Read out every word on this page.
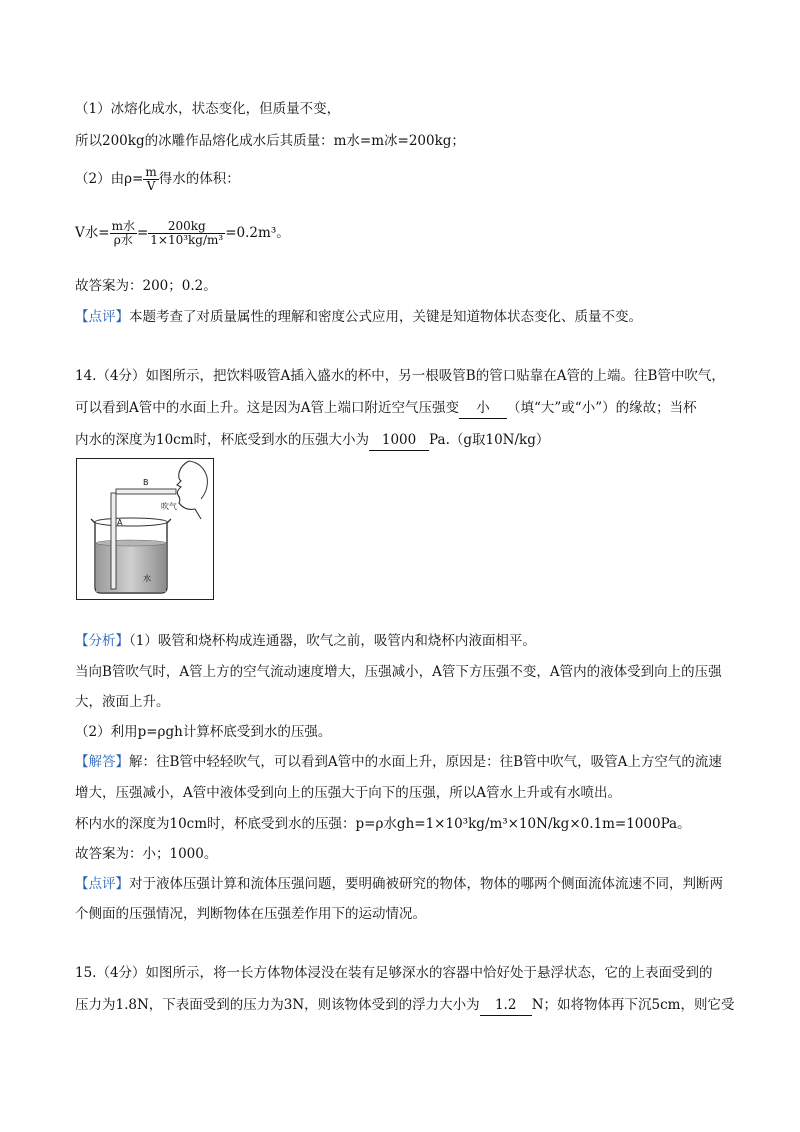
（1）冰熔化成水，状态变化，但质量不变，
所以200kg的冰雕作品熔化成水后其质量：m水=m冰=200kg；
（2）由$\rho= \frac{m}{V}$ 得水的体积：
V水= $\frac{\text{m水}}{\text{ρ水}} = \frac{200kg}{\text{1×10³kg/m³}} =0.2m^3$。
故答案为：200；0.2。
【点评】本题考查了对质量属性的理解和密度公式应用，关键是知道物体状态变化、质量不变。
14.（4分）如图所示，把饮料吸管A插入盛水的杯中，另一根吸管B的管口贴靠在A管的上端。往B管中吹气，
可以看到A管中的水面上升。这是因为A管上端口附近空气压强变 小 （填“大”或“小”）的缘故；当杯
内水的深度为10cm时，杯底受到水的压强大小为 1000 Pa.（g取10N/kg）
B
A
吹气
水
【分析】（1）吸管和烧杯构成连通器，吹气之前，吸管内和烧杯内液面相平。
当向B管吹气时，A管上方的空气流动速度增大，压强减小，A管下方压强不变，A管内的液体受到向上的压强
大，液面上升。
（2）利用p=ρgh计算杯底受到水的压强。
【解答】解：往B管中轻轻吹气，可以看到A管中的水面上升，原因是：往B管中吹气，吸管A上方空气的流速
增大，压强减小，A管中液体受到向上的压强大于向下的压强，所以A管水上升或有水喷出。
杯内水的深度为10cm时，杯底受到水的压强：p=ρ水gh=1×10³kg/m³×10N/kg×0.1m=1000Pa。
故答案为：小；1000。
【点评】对于液体压强计算和流体压强问题，要明确被研究的物体，物体的哪两个侧面流体流速不同，判断两
个侧面的压强情况，判断物体在压强差作用下的运动情况。
15.（4分）如图所示，将一长方体物体浸没在装有足够深水的容器中恰好处于悬浮状态，它的上表面受到的
压力为1.8N，下表面受到的压力为3N，则该物体受到的浮力大小为 1.2 N；如将物体再下沉5cm，则它受
